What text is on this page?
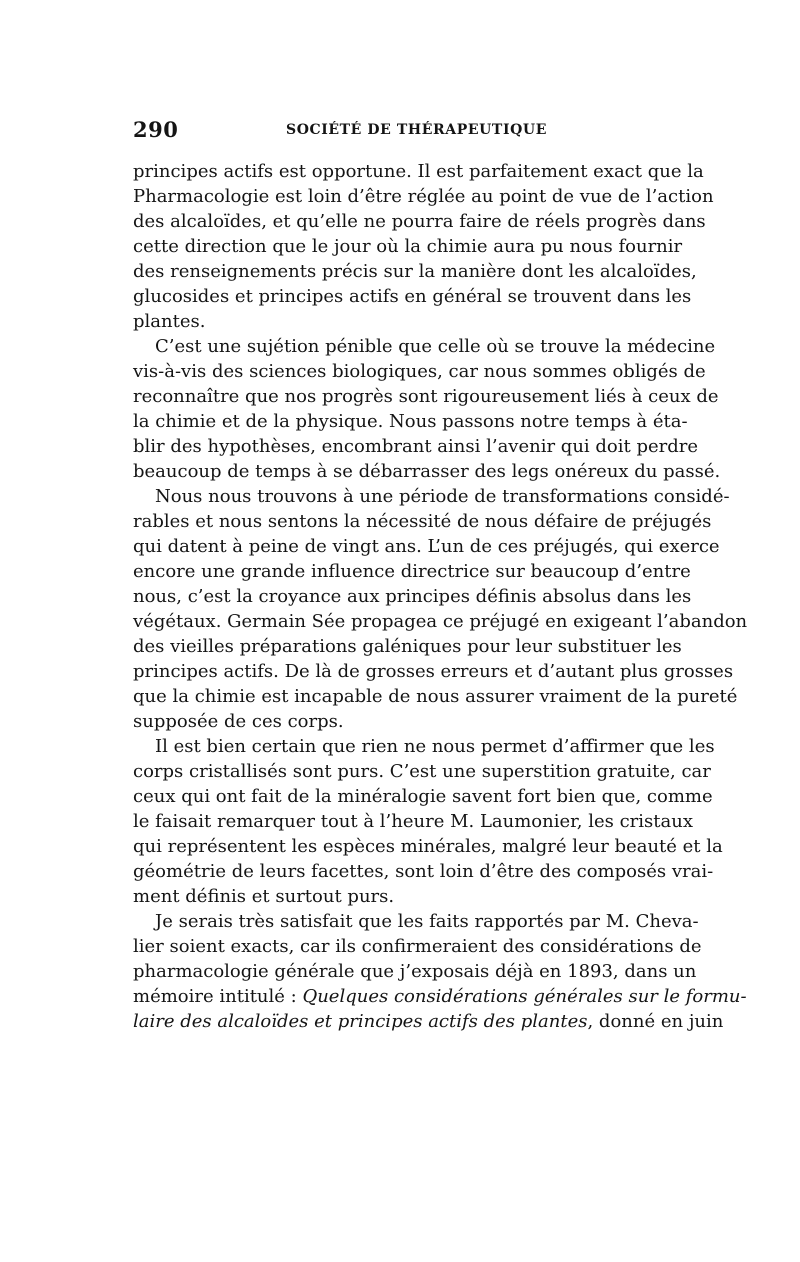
290	SOCIÉTÉ DE THÉRAPEUTIQUE
principes actifs est opportune. Il est parfaitement exact que la
Pharmacologie est loin d’être réglée au point de vue de l’action
des alcaloïdes, et qu’elle ne pourra faire de réels progrès dans
cette direction que le jour où la chimie aura pu nous fournir
des renseignements précis sur la manière dont les alcaloïdes,
glucosides et principes actifs en général se trouvent dans les
plantes.
C’est une sujétion pénible que celle où se trouve la médecine
vis-à-vis des sciences biologiques, car nous sommes obligés de
reconnaître que nos progrès sont rigoureusement liés à ceux de
la chimie et de la physique. Nous passons notre temps à éta-
blir des hypothèses, encombrant ainsi l’avenir qui doit perdre
beaucoup de temps à se débarrasser des legs onéreux du passé.
Nous nous trouvons à une période de transformations considé-
rables et nous sentons la nécessité de nous défaire de préjugés
qui datent à peine de vingt ans. L’un de ces préjugés, qui exerce
encore une grande influence directrice sur beaucoup d’entre
nous, c’est la croyance aux principes définis absolus dans les
végétaux. Germain Sée propagea ce préjugé en exigeant l’abandon
des vieilles préparations galéniques pour leur substituer les
principes actifs. De là de grosses erreurs et d’autant plus grosses
que la chimie est incapable de nous assurer vraiment de la pureté
supposée de ces corps.
Il est bien certain que rien ne nous permet d’affirmer que les
corps cristallisés sont purs. C’est une superstition gratuite, car
ceux qui ont fait de la minéralogie savent fort bien que, comme
le faisait remarquer tout à l’heure M. Laumonier, les cristaux
qui représentent les espèces minérales, malgré leur beauté et la
géométrie de leurs facettes, sont loin d’être des composés vrai-
ment définis et surtout purs.
Je serais très satisfait que les faits rapportés par M. Cheva-
lier soient exacts, car ils confirmeraient des considérations de
pharmacologie générale que j’exposais déjà en 1893, dans un
mémoire intitulé : Quelques considérations générales sur le formu-
laire des alcaloïdes et principes actifs des plantes, donné en juin
